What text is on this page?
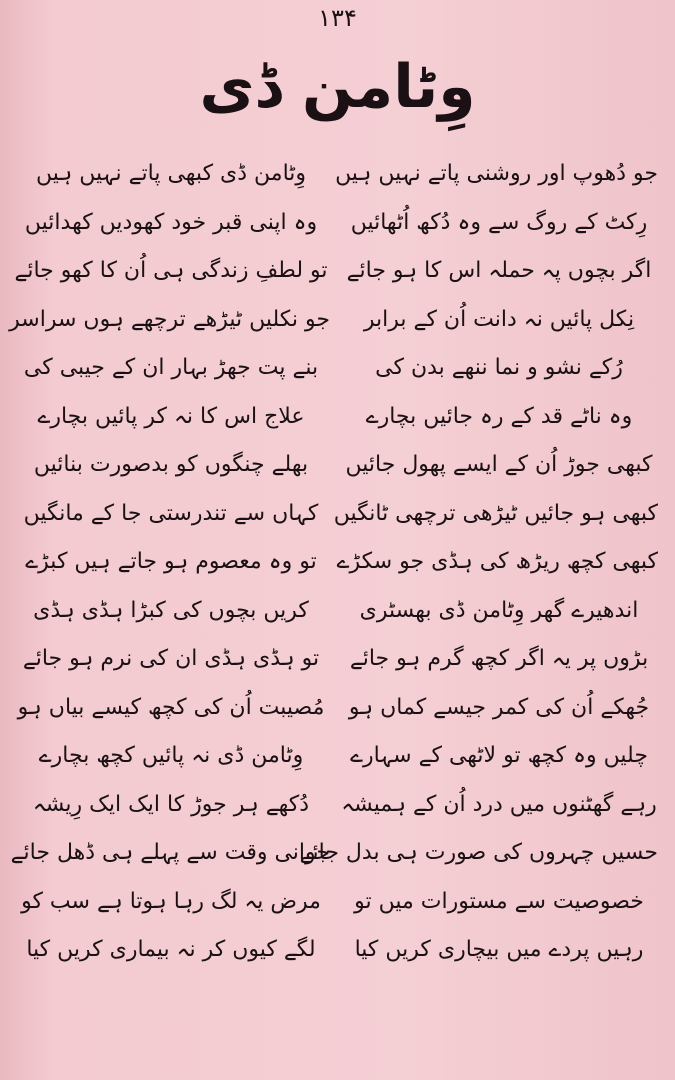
۱۳۴
وِٹامن ڈی
جو دُھوپ اور روشنی پاتے نہیں ہیں
رِکٹ کے روگ سے وہ دُکھ اُٹھائیں
اگر بچوں پہ حملہ اس کا ہو جائے
نِکل پائیں نہ دانت اُن کے برابر
رُکے نشو و نما ننھے بدن کی
وہ ناٹے قد کے رہ جائیں بچارے
کبھی جوڑ اُن کے ایسے پھول جائیں
کبھی ہو جائیں ٹیڑھی ترچھی ٹانگیں
کبھی کچھ ریڑھ کی ہڈی جو سکڑے
اندھیرے گھر وِٹامن ڈی بھسٹری
بڑوں پر یہ اگر کچھ گرم ہو جائے
جُھکے اُن کی کمر جیسے کماں ہو
چلیں وہ کچھ تو لاٹھی کے سہارے
رہے گھٹنوں میں درد اُن کے ہمیشہ
حسیں چہروں کی صورت ہی بدل جائے
خصوصیت سے مستورات میں تو
رہیں پردے میں بیچاری کریں کیا
وِٹامن ڈی کبھی پاتے نہیں ہیں
وہ اپنی قبر خود کھودیں کھدائیں
تو لطفِ زندگی ہی اُن کا کھو جائے
جو نکلیں ٹیڑھے ترچھے ہوں سراسر
بنے پت جھڑ بہار ان کے جیبی کی
علاج اس کا نہ کر پائیں بچارے
بھلے چنگوں کو بدصورت بنائیں
کہاں سے تندرستی جا کے مانگیں
تو وہ معصوم ہو جاتے ہیں کبڑے
کریں بچوں کی کبڑا ہڈی ہڈی
تو ہڈی ہڈی ان کی نرم ہو جائے
مُصیبت اُن کی کچھ کیسے بیاں ہو
وِٹامن ڈی نہ پائیں کچھ بچارے
دُکھے ہر جوڑ کا ایک ایک رِیشہ
جوانی وقت سے پہلے ہی ڈھل جائے
مرض یہ لگ رہا ہوتا ہے سب کو
لگے کیوں کر نہ بیماری کریں کیا
